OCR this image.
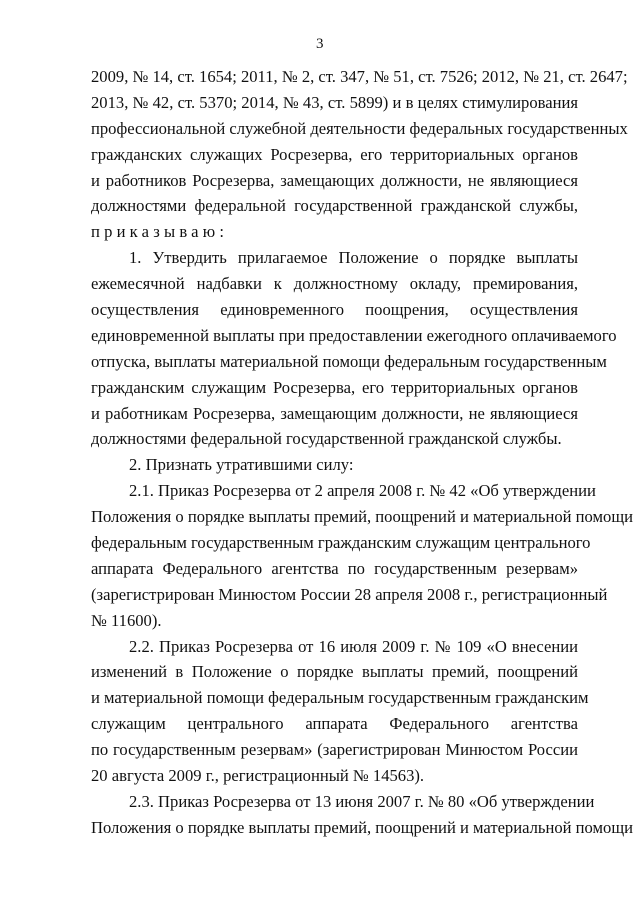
3
2009, № 14, ст. 1654; 2011, № 2, ст. 347, № 51, ст. 7526; 2012, № 21, ст. 2647;
2013, № 42, ст. 5370; 2014, № 43, ст. 5899) и в целях стимулирования
профессиональной служебной деятельности федеральных государственных
гражданских служащих Росрезерва, его территориальных органов
и работников Росрезерва, замещающих должности, не являющиеся
должностями федеральной государственной гражданской службы,
приказываю:
1. Утвердить прилагаемое Положение о порядке выплаты
ежемесячной надбавки к должностному окладу, премирования,
осуществления единовременного поощрения, осуществления
единовременной выплаты при предоставлении ежегодного оплачиваемого
отпуска, выплаты материальной помощи федеральным государственным
гражданским служащим Росрезерва, его территориальных органов
и работникам Росрезерва, замещающим должности, не являющиеся
должностями федеральной государственной гражданской службы.
2. Признать утратившими силу:
2.1. Приказ Росрезерва от 2 апреля 2008 г. № 42 «Об утверждении
Положения о порядке выплаты премий, поощрений и материальной помощи
федеральным государственным гражданским служащим центрального
аппарата Федерального агентства по государственным резервам»
(зарегистрирован Минюстом России 28 апреля 2008 г., регистрационный
№ 11600).
2.2. Приказ Росрезерва от 16 июля 2009 г. № 109 «О внесении
изменений в Положение о порядке выплаты премий, поощрений
и материальной помощи федеральным государственным гражданским
служащим центрального аппарата Федерального агентства
по государственным резервам» (зарегистрирован Минюстом России
20 августа 2009 г., регистрационный № 14563).
2.3. Приказ Росрезерва от 13 июня 2007 г. № 80 «Об утверждении
Положения о порядке выплаты премий, поощрений и материальной помощи
